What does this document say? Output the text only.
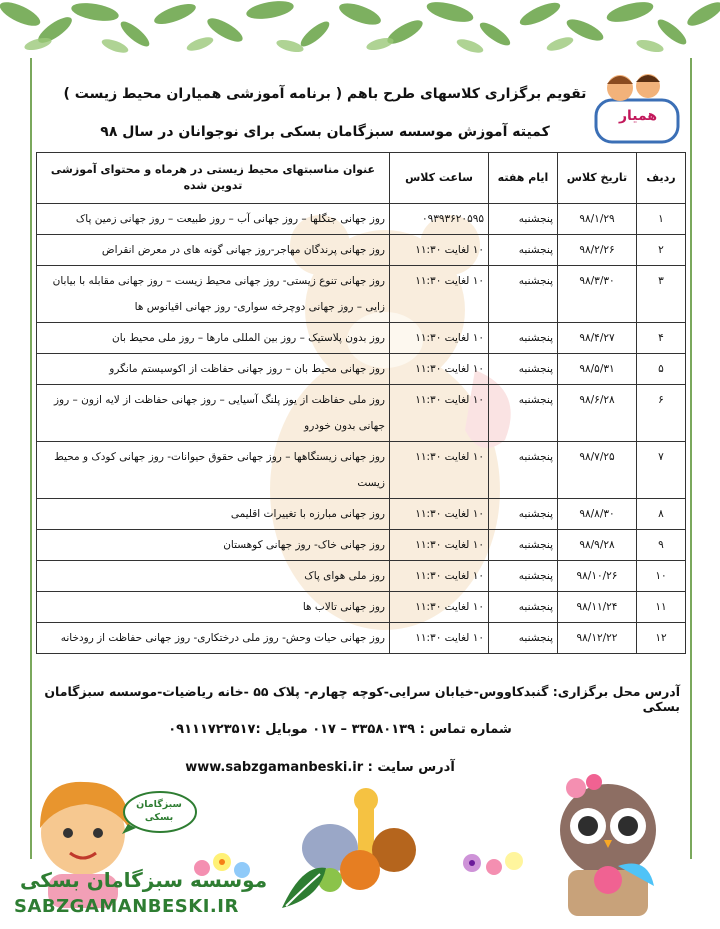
همیار
تقویم برگزاری کلاسهای طرح باهم ( برنامه آموزشی همیاران محیط زیست )
کمیته آموزش موسسه سبزگامان بسکی برای نوجوانان در سال ۹۸
ردیف	تاریخ کلاس	ایام هفته	ساعت کلاس	عنوان مناسبتهای محیط زیستی در هرماه و محتوای آموزشی تدوین شده
۱	۹۸/۱/۲۹	پنجشنبه	۰۹۳۹۳۶۲۰۵۹۵	روز جهانی جنگلها – روز جهانی آب – روز طبیعت – روز جهانی زمین پاک
۲	۹۸/۲/۲۶	پنجشنبه	۱۰ لغایت ۱۱:۳۰	روز جهانی پرندگان مهاجر-روز جهانی گونه های در معرض انقراض
۳	۹۸/۳/۳۰	پنجشنبه	۱۰ لغایت ۱۱:۳۰	روز جهانی تنوع زیستی- روز جهانی محیط زیست – روز جهانی مقابله با بیابان زایی – روز جهانی دوچرخه سواری- روز جهانی اقیانوس ها
۴	۹۸/۴/۲۷	پنجشنبه	۱۰ لغایت ۱۱:۳۰	روز بدون پلاستیک – روز بین المللی مارها – روز ملی محیط بان
۵	۹۸/۵/۳۱	پنجشنبه	۱۰ لغایت ۱۱:۳۰	روز جهانی محیط بان – روز جهانی حفاظت از اکوسیستم مانگرو
۶	۹۸/۶/۲۸	پنجشنبه	۱۰ لغایت ۱۱:۳۰	روز ملی حفاظت از یوز پلنگ آسیایی – روز جهانی حفاظت از لایه ازون – روز جهانی بدون خودرو
۷	۹۸/۷/۲۵	پنجشنبه	۱۰ لغایت ۱۱:۳۰	روز جهانی زیستگاهها – روز جهانی حقوق حیوانات- روز جهانی کودک و محیط زیست
۸	۹۸/۸/۳۰	پنجشنبه	۱۰ لغایت ۱۱:۳۰	روز جهانی مبارزه با تغییرات اقلیمی
۹	۹۸/۹/۲۸	پنجشنبه	۱۰ لغایت ۱۱:۳۰	روز جهانی خاک- روز جهانی کوهستان
۱۰	۹۸/۱۰/۲۶	پنجشنبه	۱۰ لغایت ۱۱:۳۰	روز ملی هوای پاک
۱۱	۹۸/۱۱/۲۴	پنجشنبه	۱۰ لغایت ۱۱:۳۰	روز جهانی تالاب ها
۱۲	۹۸/۱۲/۲۲	پنجشنبه	۱۰ لغایت ۱۱:۳۰	روز جهانی حیات وحش- روز ملی درختکاری- روز جهانی حفاظت از رودخانه
آدرس محل برگزاری: گنبدکاووس-خیابان سرایی-کوچه چهارم- پلاک ۵۵ -خانه ریاضیات-موسسه سبزگامان بسکی
شماره تماس : ۳۳۵۸۰۱۳۹ – ۰۱۷ موبایل :۰۹۱۱۱۷۲۳۵۱۷
آدرس سایت : www.sabzgamanbeski.ir
سبزگامان بسکی
موسسه سبزگامان بسکی
SABZGAMANBESKI.IR
